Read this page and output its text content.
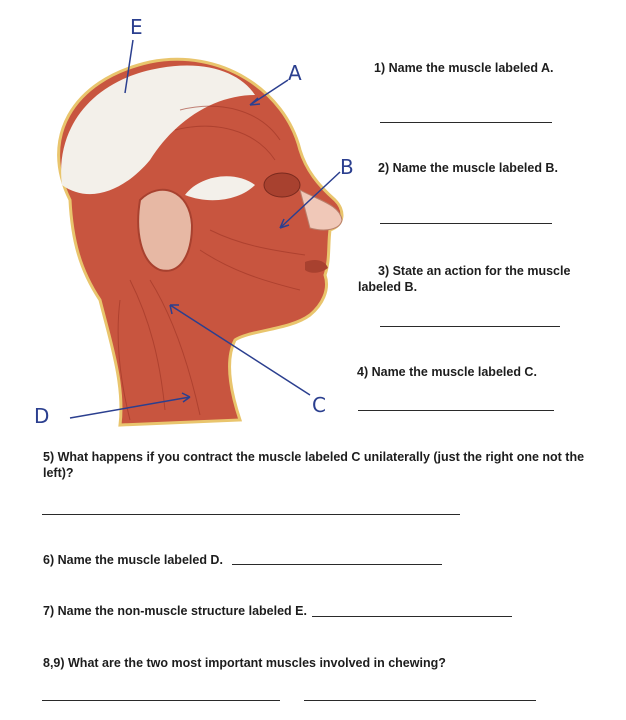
E
A
B
C
D
1) Name the muscle labeled A.
2) Name the muscle labeled B.
3) State an action for the muscle labeled B.
4) Name the muscle labeled C.
5) What happens if you contract the muscle labeled C unilaterally (just the right one not the left)?
6) Name the muscle labeled D.
7) Name the non-muscle structure labeled E.
8,9) What are the two most important muscles involved in chewing?
